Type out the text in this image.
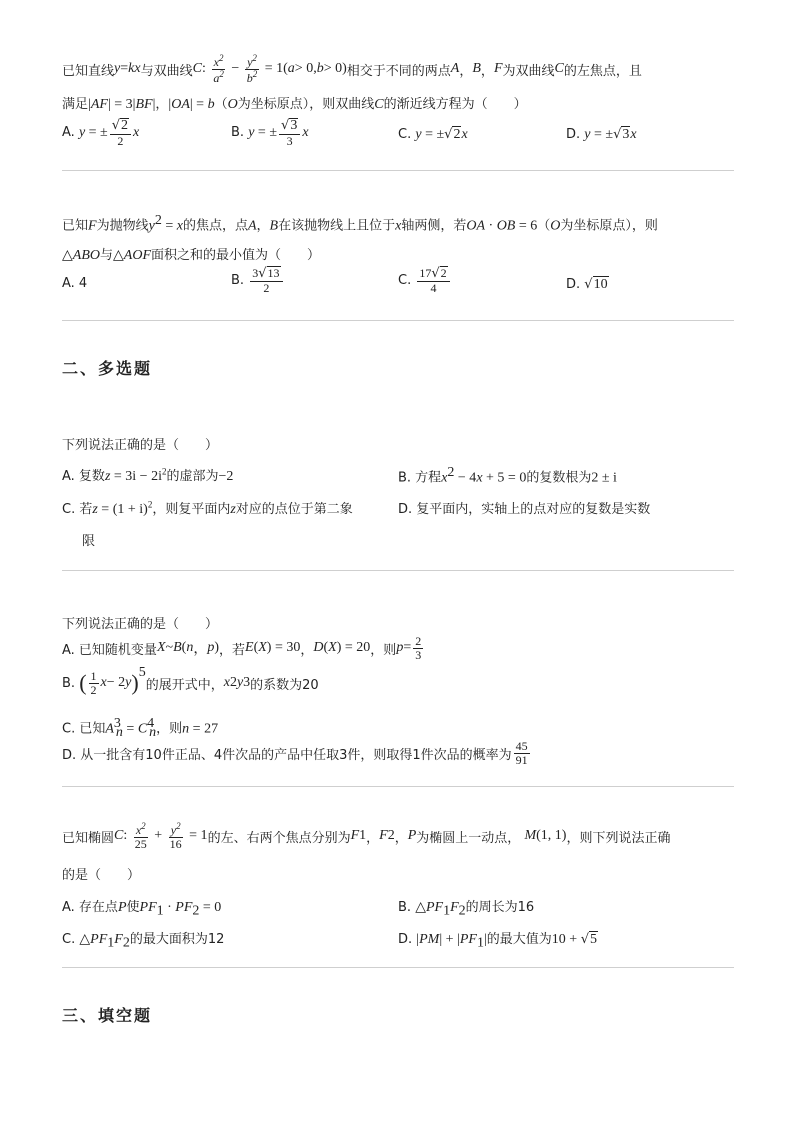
已知直线 y = kx 与双曲线 C : $\frac{x^2}{a^2} - \frac{y^2}{b^2} = 1$( a > 0, b > 0) 相交于不同的两点 A ， B ， F 为双曲线 C 的左焦点，且
满足|AF| = 3|BF|，|OA| = b（O为坐标原点），则双曲线C的渐近线方程为（　　）
A.
y = ± $\frac{√2}{2}$ x	B.
y = ± $\frac{√3}{3}$ x	C. y = ±√2x	D. y = ±√3x
已知F为抛物线$y^2 = x$的焦点，点A，B在该抛物线上且位于x轴两侧，若OA · OB = 6（O为坐标原点），则
△ABO与△AOF面积之和的最小值为（　　）
A. 4	B.
$\frac{3√13}{2}$	C.
$\frac{17√2}{4}$	D. √10
二、多选题
下列说法正确的是（　　）
A. 复数$z = 3i - 2i^2$的虚部为−2	B. 方程$x^2 - 4x + 5 = 0$的复数根为2 ± i
C. 若$z = (1 + i)^2$，则复平面内z对应的点位于第二象
限
D. 复平面内，实轴上的点对应的复数是实数
下列说法正确的是（　　）
A. 已知随机变量 X ~ B ( n ， p ) ，若 E ( X ) = 30 ， D ( X ) = 20 ，则 $p = \frac{2}{3}$
B.
( $\frac{1}{2}$ x − 2 y )$^5$
的展开式中， x 2 y 3 的系数为20
C. 已知$A^3_n = C^4_n$，则n = 27
D. 从一批含有10件正品、4件次品的产品中任取3件，则取得1件次品的概率为 $\frac{45}{91}$
已知椭圆 C : $\frac{x^2}{25} + \frac{y^2}{16} = 1$ 的左、右两个焦点分别为 F 1 ， F 2 ， P 为椭圆上一动点，
M (1, 1) ，则下列说法正确
的是（　　）
A. 存在点P使$PF_1 \cdot PF_2 = 0$	B. $\triangle PF_1F_2$的周长为16
C. $\triangle PF_1F_2$的最大面积为12	D. $|PM| + |PF_1|$的最大值为10 + √5
三、填空题
